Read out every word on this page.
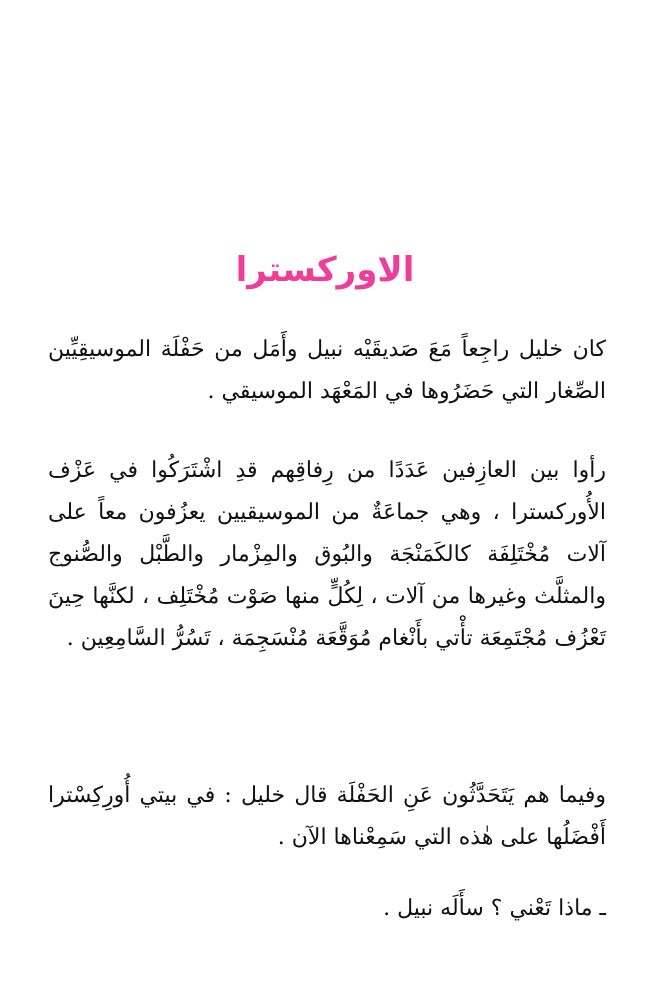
الاوركسترا

كان خليل راجِعاً مَعَ صَديقَيْه نبيل وأَمَل من حَفْلَة الموسيقِيِّين الصِّغار التي حَضَرُوها في المَعْهَد الموسيقي .

رأوا بين العازِفين عَدَدًا من رِفاقِهم قدِ اشْتَرَكُوا في عَزْف الأُوركسترا ، وهي جماعَةٌ من الموسيقيين يعزُفون معاً على آلات مُخْتَلِفَة كالكَمَنْجَة والبُوق والمِزْمار والطَّبْل والصُّنوج والمثلَّث وغيرها من آلات ، لِكُلٍّ منها صَوْت مُخْتَلِف ، لكنَّها حِينَ تَعْزُف مُجْتَمِعَة تأْتي بأَنْغام مُوَقَّعَة مُنْسَجِمَة ، تَسُرُّ السَّامِعِين .

وفيما هم يَتَحَدَّثُون عَنِ الحَفْلَة قال خليل : في بيتي أُورِكِسْترا أَفْضَلُها على هٰذه التي سَمِعْناها الآن .

ـ ماذا تَعْني ؟ سأَلَه نبيل .
